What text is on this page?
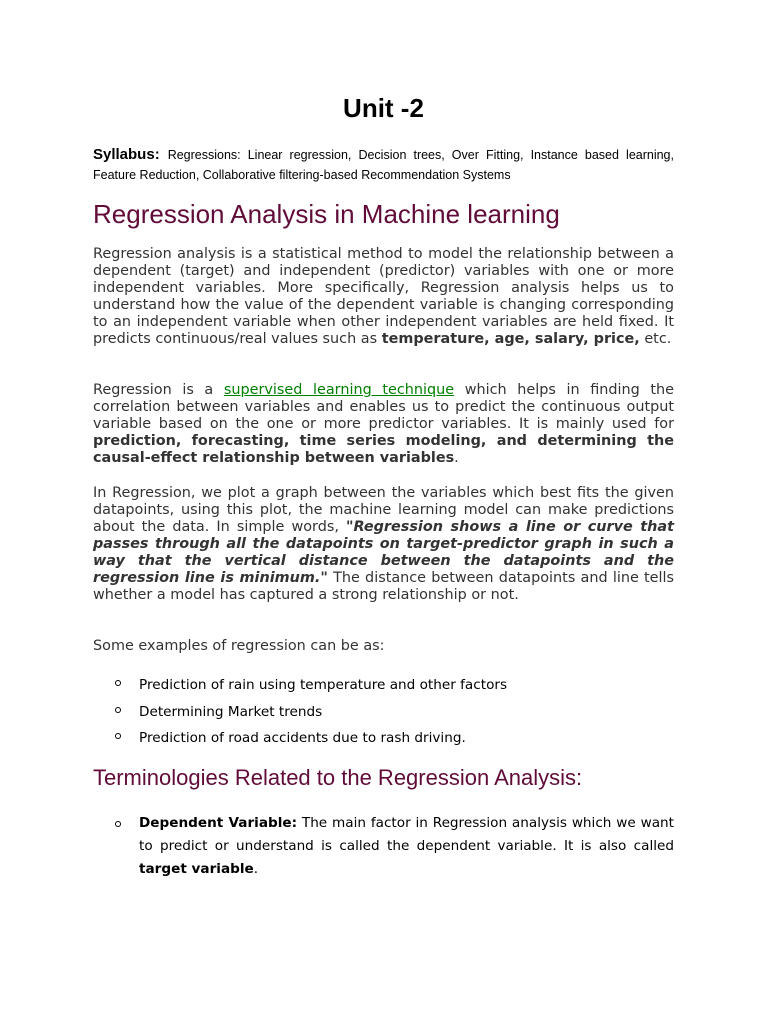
Unit -2

Syllabus: Regressions: Linear regression, Decision trees, Over Fitting, Instance based learning, Feature Reduction, Collaborative filtering-based Recommendation Systems

Regression Analysis in Machine learning

Regression analysis is a statistical method to model the relationship between a dependent (target) and independent (predictor) variables with one or more independent variables. More specifically, Regression analysis helps us to understand how the value of the dependent variable is changing corresponding to an independent variable when other independent variables are held fixed. It predicts continuous/real values such as temperature, age, salary, price, etc.

Regression is a supervised learning technique which helps in finding the correlation between variables and enables us to predict the continuous output variable based on the one or more predictor variables. It is mainly used for prediction, forecasting, time series modeling, and determining the causal-effect relationship between variables.

In Regression, we plot a graph between the variables which best fits the given datapoints, using this plot, the machine learning model can make predictions about the data. In simple words, "Regression shows a line or curve that passes through all the datapoints on target-predictor graph in such a way that the vertical distance between the datapoints and the regression line is minimum." The distance between datapoints and line tells whether a model has captured a strong relationship or not.

Some examples of regression can be as:

Prediction of rain using temperature and other factors
Determining Market trends
Prediction of road accidents due to rash driving.
Terminologies Related to the Regression Analysis:
Dependent Variable: The main factor in Regression analysis which we want to predict or understand is called the dependent variable. It is also called target variable.
